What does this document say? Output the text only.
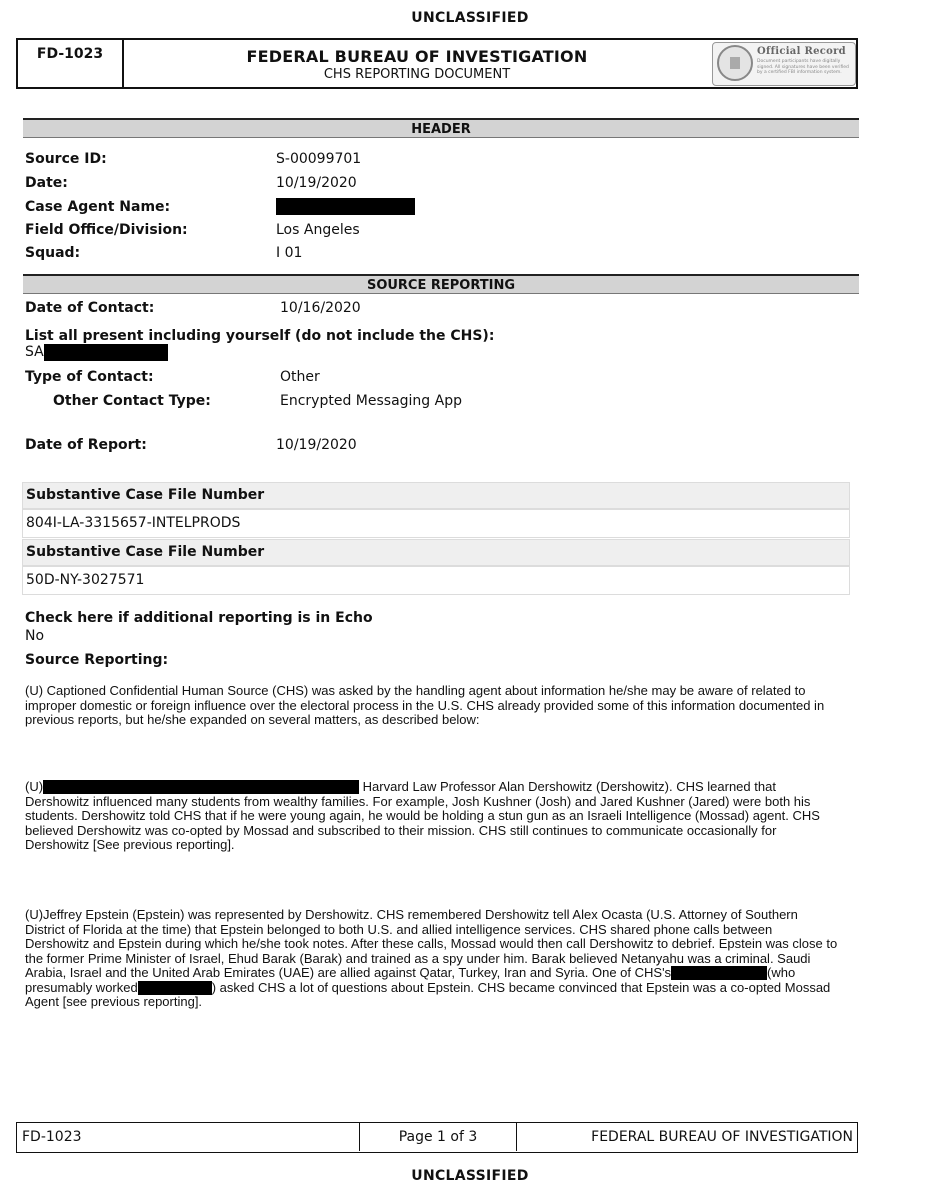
UNCLASSIFIED
FD-1023	FEDERAL BUREAU OF INVESTIGATION
CHS REPORTING DOCUMENT
Official Record
Document participants have digitally signed. All signatures have been verified by a certified FBI information system.
HEADER
Source ID:	S-00099701
Date:	10/19/2020
Case Agent Name:
Field Office/Division:	Los Angeles
Squad:	I 01
SOURCE REPORTING
Date of Contact:	10/16/2020
List all present including yourself (do not include the CHS):
SA
Type of Contact:	Other
Other Contact Type:	Encrypted Messaging App
Date of Report:	10/19/2020
Substantive Case File Number
804I-LA-3315657-INTELPRODS
Substantive Case File Number
50D-NY-3027571
Check here if additional reporting is in Echo
No
Source Reporting:

(U) Captioned Confidential Human Source (CHS) was asked by the handling agent about information he/she may be aware of related to improper domestic or foreign influence over the electoral process in the U.S. CHS already provided some of this information documented in previous reports, but he/she expanded on several matters, as described below:

(U)	Harvard Law Professor Alan Dershowitz (Dershowitz). CHS learned that Dershowitz influenced many students from wealthy families. For example, Josh Kushner (Josh) and Jared Kushner (Jared) were both his students. Dershowitz told CHS that if he were young again, he would be holding a stun gun as an Israeli Intelligence (Mossad) agent. CHS believed Dershowitz was co-opted by Mossad and subscribed to their mission. CHS still continues to communicate occasionally for Dershowitz [See previous reporting].

(U)Jeffrey Epstein (Epstein) was represented by Dershowitz. CHS remembered Dershowitz tell Alex Ocasta (U.S. Attorney of Southern District of Florida at the time) that Epstein belonged to both U.S. and allied intelligence services. CHS shared phone calls between Dershowitz and Epstein during which he/she took notes. After these calls, Mossad would then call Dershowitz to debrief. Epstein was close to the former Prime Minister of Israel, Ehud Barak (Barak) and trained as a spy under him. Barak believed Netanyahu was a criminal. Saudi Arabia, Israel and the United Arab Emirates (UAE) are allied against Qatar, Turkey, Iran and Syria. One of CHS's	(who presumably worked	) asked CHS a lot of questions about Epstein. CHS became convinced that Epstein was a co-opted Mossad Agent [see previous reporting].

FD-1023	Page 1 of 3	FEDERAL BUREAU OF INVESTIGATION
UNCLASSIFIED
